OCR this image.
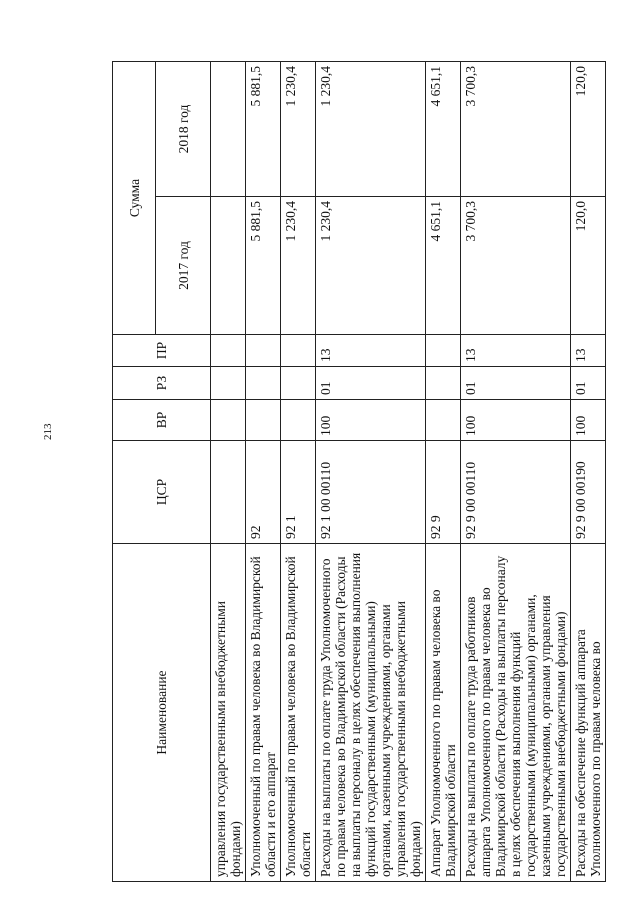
213
Наименование	ЦСР	ВР	РЗ	ПР	Сумма	
					2017 год	2018 год
управления государственными внебюджетными фондами)						
Уполномоченный по правам человека во Владимирской области и его аппарат	92				5 881,5	5 881,5
Уполномоченный по правам человека во Владимирской области	92 1				1 230,4	1 230,4
Расходы на выплаты по оплате труда Уполномоченного по правам человека во Владимирской области (Расходы на выплаты персоналу в целях обеспечения выполнения функций государственными (муниципальными) органами, казенными учреждениями, органами управления государственными внебюджетными фондами)	92 1 00 00110	100	01	13	1 230,4	1 230,4
Аппарат Уполномоченного по правам человека во Владимирской области	92 9				4 651,1	4 651,1
Расходы на выплаты по оплате труда работников аппарата Уполномоченного по правам человека во Владимирской области (Расходы на выплаты персоналу в целях обеспечения выполнения функций государственными (муниципальными) органами, казенными учреждениями, органами управления государственными внебюджетными фондами)	92 9 00 00110	100	01	13	3 700,3	3 700,3
Расходы на обеспечение функций аппарата Уполномоченного по правам человека во	92 9 00 00190	100	01	13	120,0	120,0
